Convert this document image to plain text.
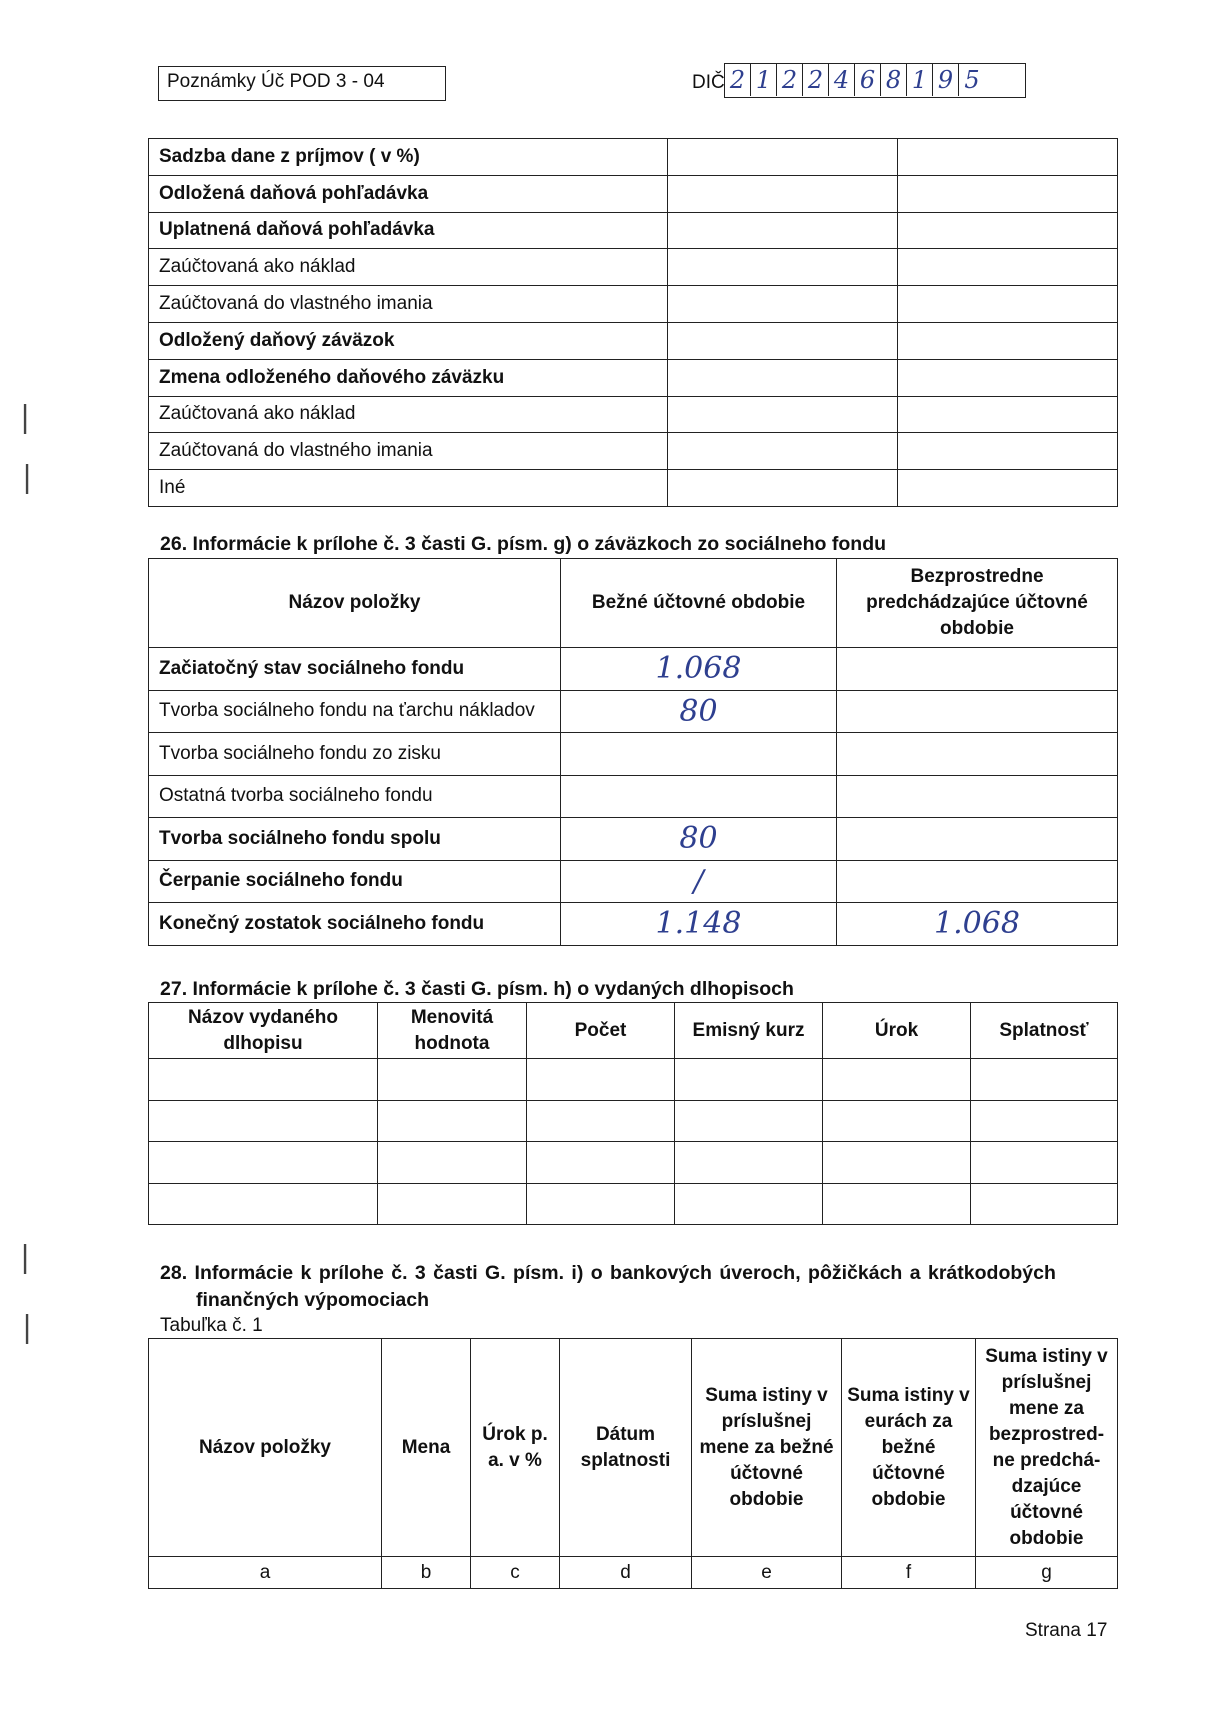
Poznámky Úč POD 3 - 04	DIČ 2 1 2 2 4 6 8 1 9 5
Sadzba dane z príjmov ( v %)		
Odložená daňová pohľadávka		
Uplatnená daňová pohľadávka		
Zaúčtovaná ako náklad		
Zaúčtovaná do vlastného imania		
Odložený daňový záväzok		
Zmena odloženého daňového záväzku		
Zaúčtovaná ako náklad		
Zaúčtovaná do vlastného imania		
Iné		
26. Informácie k prílohe č. 3 časti G. písm. g) o záväzkoch zo sociálneho fondu
Názov položky	Bežné účtovné obdobie	Bezprostredne predchádzajúce účtovné obdobie
Začiatočný stav sociálneho fondu	1.068	
Tvorba sociálneho fondu na ťarchu nákladov	80	
Tvorba sociálneho fondu zo zisku		
Ostatná tvorba sociálneho fondu		
Tvorba sociálneho fondu spolu	80	
Čerpanie sociálneho fondu	/	
Konečný zostatok sociálneho fondu	1.148	1.068
27. Informácie k prílohe č. 3 časti G. písm. h) o vydaných dlhopisoch
Názov vydaného dlhopisu	Menovitá hodnota	Počet	Emisný kurz	Úrok	Splatnosť

28. Informácie k prílohe č. 3 časti G. písm. i) o bankových úveroch, pôžičkách a krátkodobých
finančných výpomociach
Tabuľka č. 1
Názov položky	Mena	Úrok p. a. v %	Dátum splatnosti	Suma istiny v príslušnej mene za bežné účtovné obdobie	Suma istiny v eurách za bežné účtovné obdobie	Suma istiny v príslušnej mene za bezprostred-ne predchá-dzajúce účtovné obdobie
a	b	c	d	e	f	g
Strana 17
|
|
|
|
